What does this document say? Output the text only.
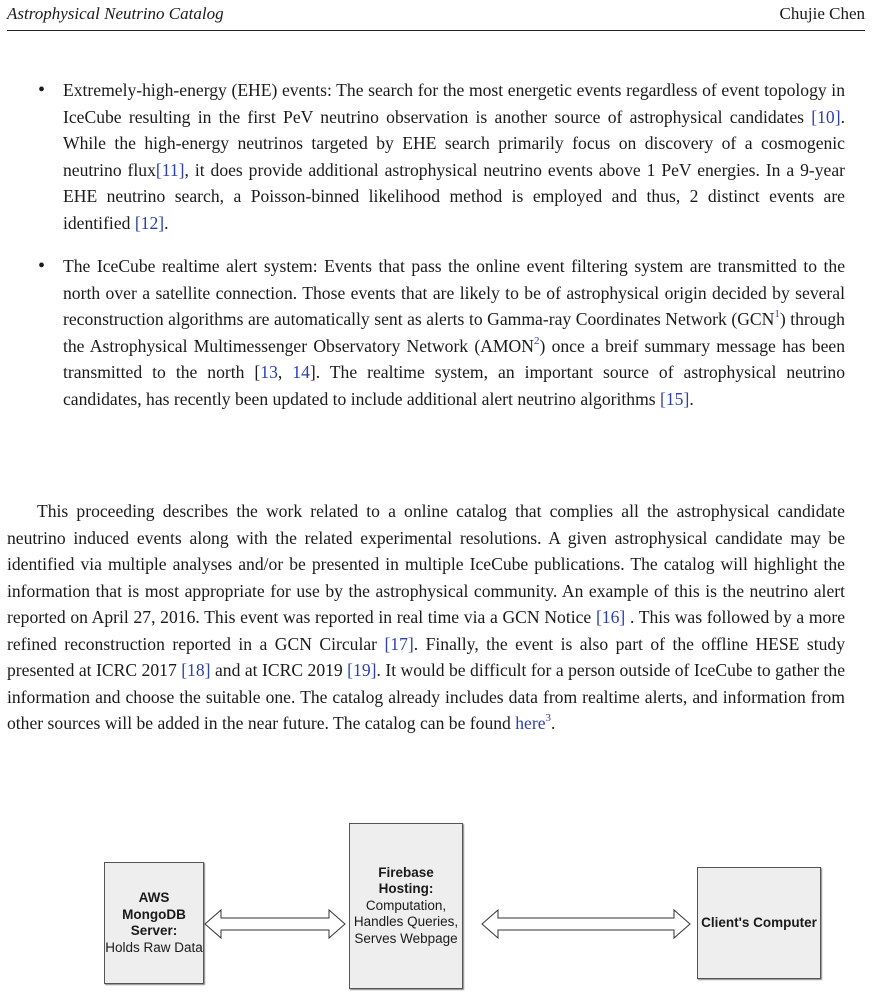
Astrophysical Neutrino Catalog	Chujie Chen
• Extremely-high-energy (EHE) events: The search for the most energetic events regardless of event topology in IceCube resulting in the first PeV neutrino observation is another source of astrophysical candidates [10]. While the high-energy neutrinos targeted by EHE search primarily focus on discovery of a cosmogenic neutrino flux[11], it does provide additional astrophysical neutrino events above 1 PeV energies. In a 9-year EHE neutrino search, a Poisson-binned likelihood method is employed and thus, 2 distinct events are identified [12].
• The IceCube realtime alert system: Events that pass the online event filtering system are transmitted to the north over a satellite connection. Those events that are likely to be of astrophysical origin decided by several reconstruction algorithms are automatically sent as alerts to Gamma-ray Coordinates Network (GCN$^1$) through the Astrophysical Multimessenger Observatory Network (AMON$^2$) once a breif summary message has been transmitted to the north [13, 14]. The realtime system, an important source of astrophysical neutrino candidates, has recently been updated to include additional alert neutrino algorithms [15].
This proceeding describes the work related to a online catalog that complies all the astrophysical candidate neutrino induced events along with the related experimental resolutions. A given astrophysical candidate may be identified via multiple analyses and/or be presented in multiple IceCube publications. The catalog will highlight the information that is most appropriate for use by the astrophysical community. An example of this is the neutrino alert reported on April 27, 2016. This event was reported in real time via a GCN Notice [16] . This was followed by a more refined reconstruction reported in a GCN Circular [17]. Finally, the event is also part of the offline HESE study presented at ICRC 2017 [18] and at ICRC 2019 [19]. It would be difficult for a person outside of IceCube to gather the information and choose the suitable one. The catalog already includes data from realtime alerts, and information from other sources will be added in the near future. The catalog can be found here$^3$.
AWS MongoDB Server:
Holds Raw Data
Firebase Hosting:
Computation, Handles Queries, Serves Webpage
Client's Computer
